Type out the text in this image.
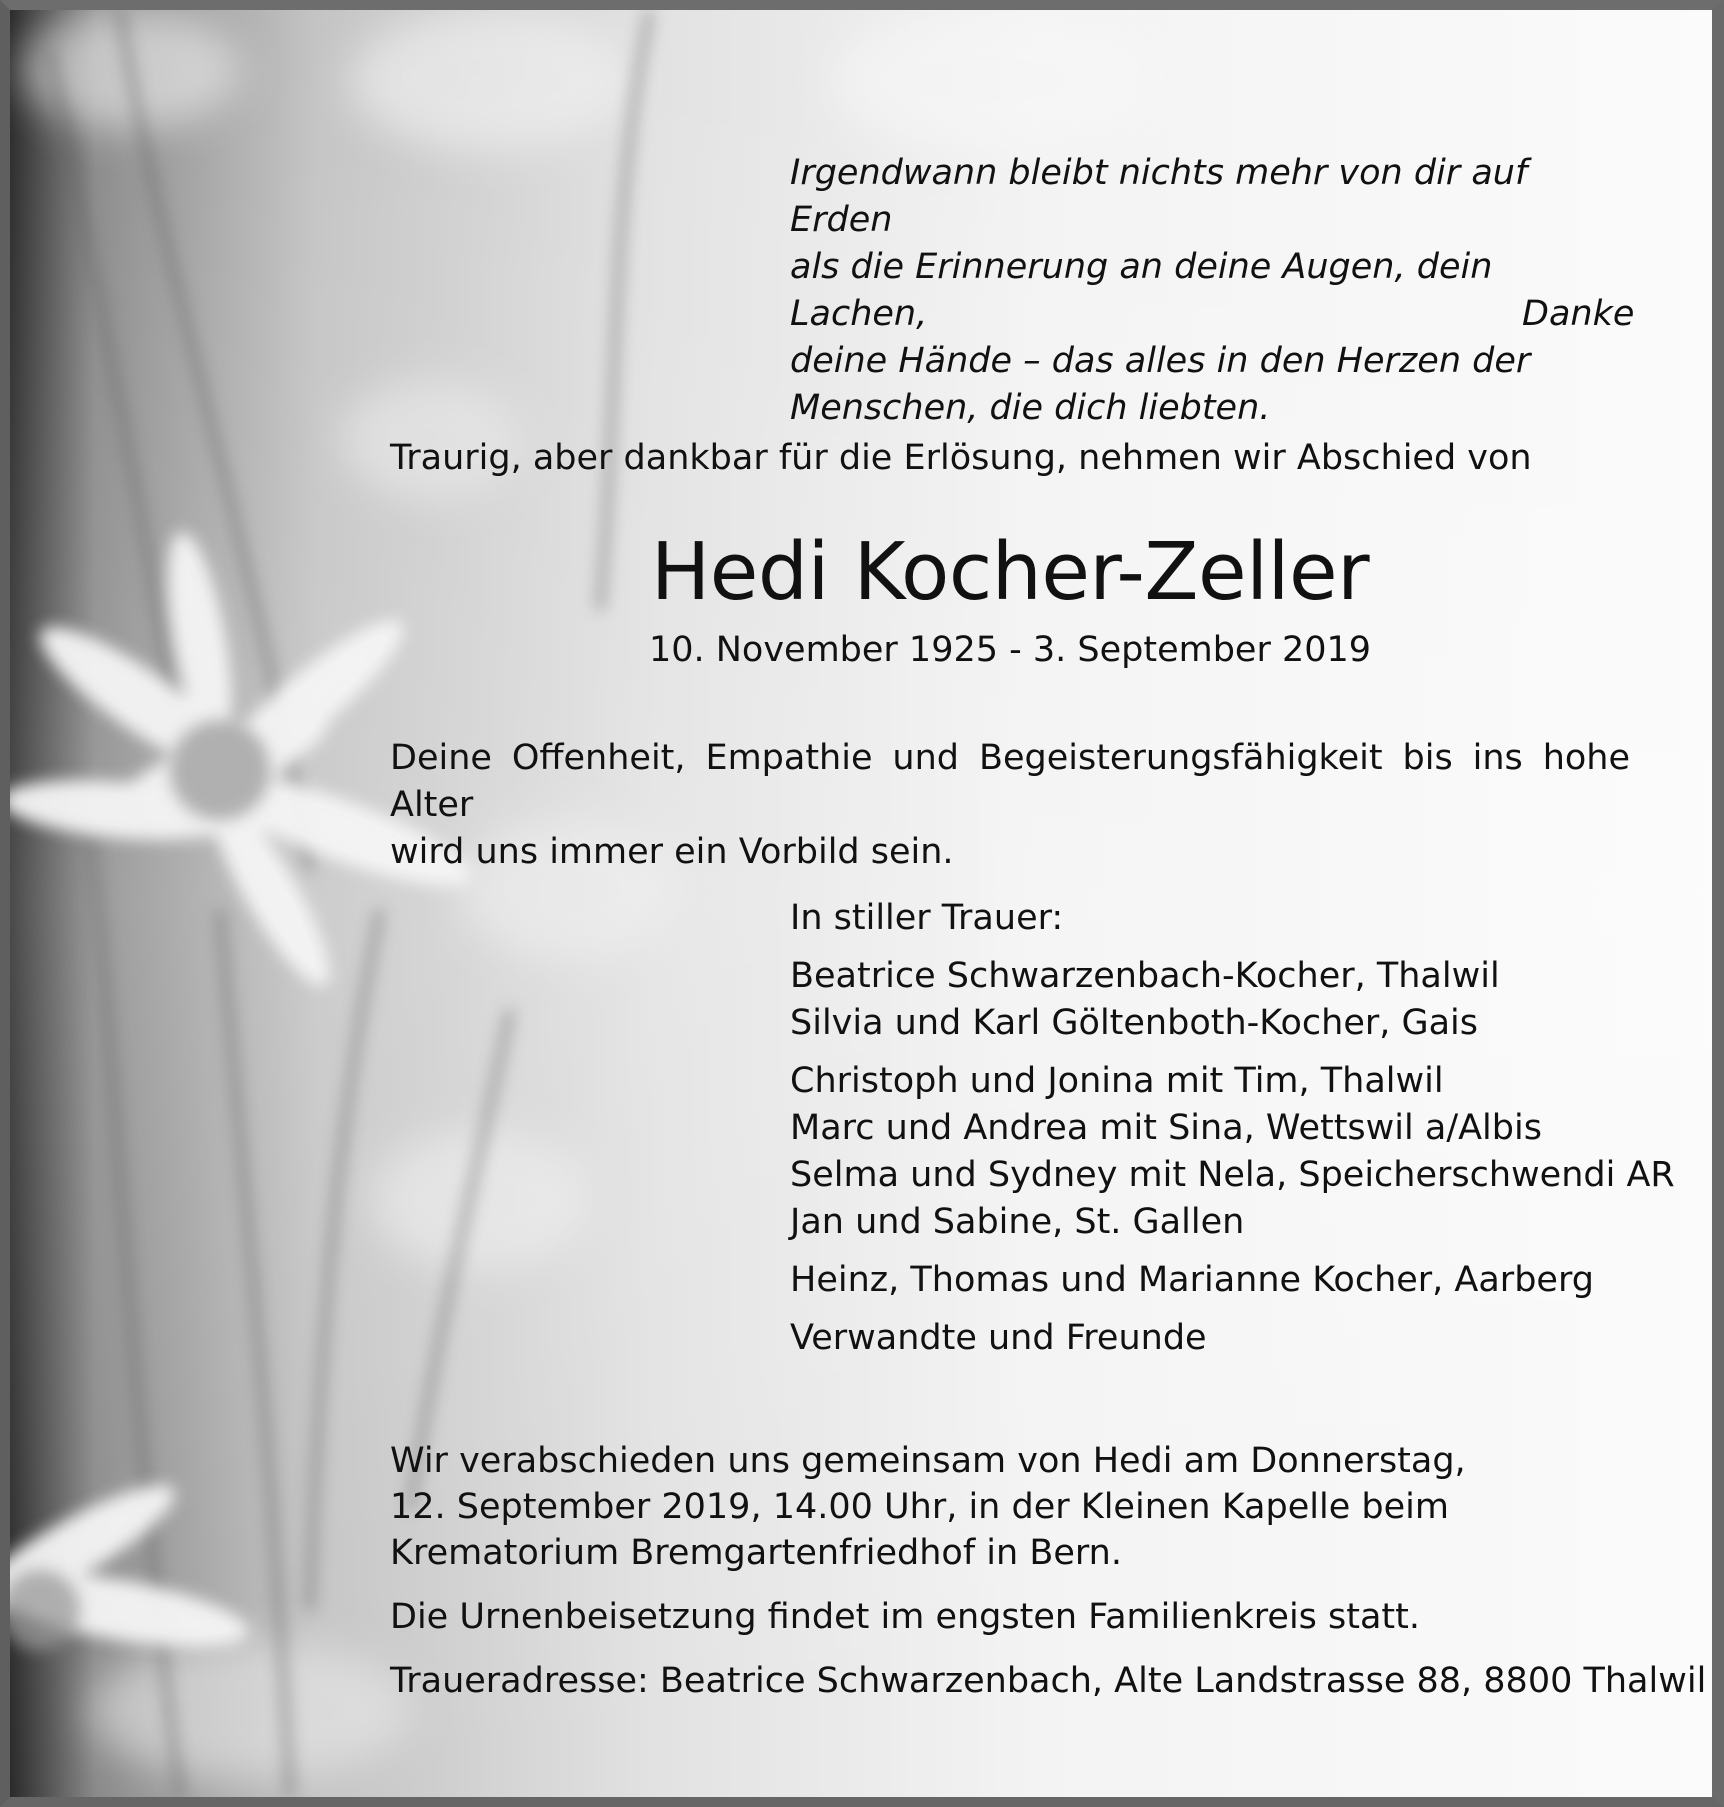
Irgendwann bleibt nichts mehr von dir auf Erden
als die Erinnerung an deine Augen, dein Lachen,
deine Hände – das alles in den Herzen der
Menschen, die dich liebten.
Danke
Traurig, aber dankbar für die Erlösung, nehmen wir Abschied von
Hedi Kocher-Zeller
10. November 1925 - 3. September 2019
Deine Offenheit, Empathie und Begeisterungsfähigkeit bis ins hohe Alter
wird uns immer ein Vorbild sein.
In stiller Trauer:
Beatrice Schwarzenbach-Kocher, Thalwil
Silvia und Karl Göltenboth-Kocher, Gais
Christoph und Jonina mit Tim, Thalwil
Marc und Andrea mit Sina, Wettswil a/Albis
Selma und Sydney mit Nela, Speicherschwendi AR
Jan und Sabine, St. Gallen
Heinz, Thomas und Marianne Kocher, Aarberg
Verwandte und Freunde

Wir verabschieden uns gemeinsam von Hedi am Donnerstag,
12. September 2019, 14.00 Uhr, in der Kleinen Kapelle beim
Krematorium Bremgartenfriedhof in Bern.

Die Urnenbeisetzung findet im engsten Familienkreis statt.

Traueradresse: Beatrice Schwarzenbach, Alte Landstrasse 88, 8800 Thalwil
